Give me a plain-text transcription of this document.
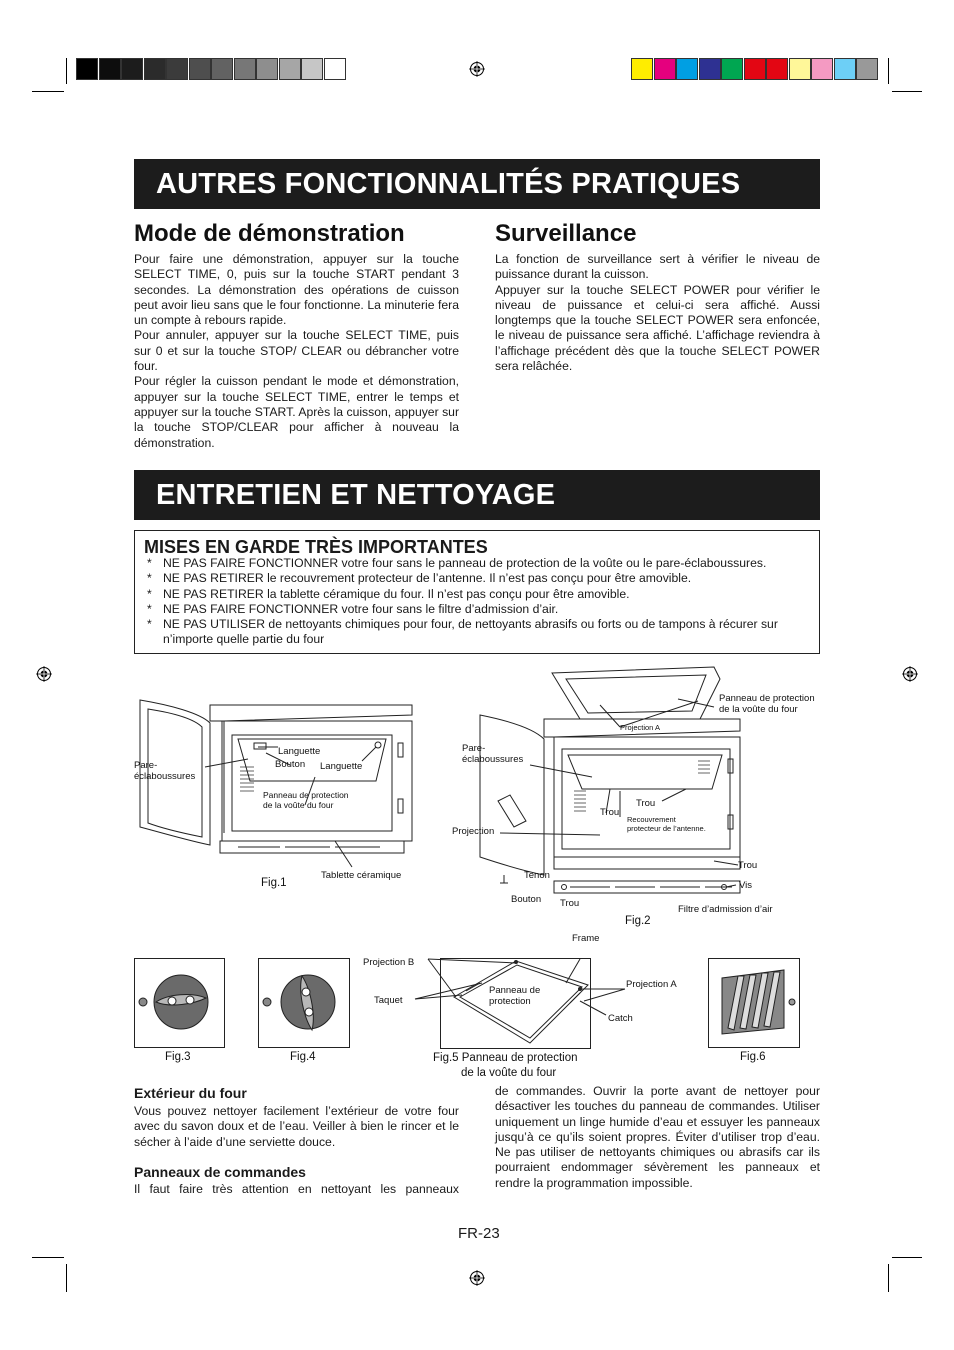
AUTRES FONCTIONNALITÉS PRATIQUES
Mode de démonstration

Pour faire une démonstration, appuyer sur la touche SELECT TIME, 0, puis sur la touche START pendant 3 secondes. La démonstration des opérations de cuisson peut avoir lieu sans que le four fonctionne. La minuterie fera un compte à rebours rapide.

Pour annuler, appuyer sur la touche SELECT TIME, puis sur 0 et sur la touche STOP/ CLEAR ou débrancher votre four.

Pour régler la cuisson pendant le mode et démonstration, appuyer sur la touche SELECT TIME, entrer le temps et appuyer sur la touche START. Après la cuisson, appuyer sur la touche STOP/CLEAR pour afficher à nouveau la démonstration.

Surveillance

La fonction de surveillance sert à vérifier le niveau de puissance durant la cuisson.

Appuyer sur la touche SELECT POWER pour vérifier le niveau de puissance et celui-ci sera affiché. Aussi longtemps que la touche SELECT POWER sera enfoncée, le niveau de puissance sera affiché. L’affichage reviendra à l’affichage précédent dès que la touche SELECT POWER sera relâchée.

ENTRETIEN ET NETTOYAGE
MISES EN GARDE TRÈS IMPORTANTES
* NE PAS FAIRE FONCTIONNER votre four sans le panneau de protection de la voûte ou le pare-éclaboussures.
* NE PAS RETIRER le recouvrement protecteur de l’antenne. Il n’est pas conçu pour être amovible.
* NE PAS RETIRER la tablette céramique du four. Il n’est pas conçu pour être amovible.
* NE PAS FAIRE FONCTIONNER votre four sans le filtre d’admission d’air.
* NE PAS UTILISER de nettoyants chimiques pour four, de nettoyants abrasifs ou forts ou de tampons à récurer sur n’importe quelle partie du four
Pare-
éclaboussures
Languette
Bouton Languette
Panneau de protection
de la voûte du four
Tablette céramique
Fig.1
Panneau de protection
de la voûte du four
Projection A
Pare-
éclaboussures
Trou
Trou
Recouvrement
protecteur de l’antenne.
Projection
Trou
Tenon
Vis
Bouton Trou
Filtre d’admission d’air
Fig.2
Fig.3	Fig.4
Frame
Projection B
Projection A
Taquet
Panneau de
protection
Catch
Fig.5 Panneau de protection
de la voûte du four
Fig.6
Extérieur du four

Vous pouvez nettoyer facilement l’extérieur de votre four avec du savon doux et de l’eau. Veiller à bien le rincer et le sécher à l’aide d’une serviette douce.

Panneaux de commandes

Il faut faire très attention en nettoyant les panneaux

de commandes. Ouvrir la porte avant de nettoyer pour désactiver les touches du panneau de commandes. Utiliser uniquement un linge humide d’eau et essuyer les panneaux jusqu’à ce qu’ils soient propres. Éviter d’utiliser trop d’eau. Ne pas utiliser de nettoyants chimiques ou abrasifs car ils pourraient endommager sévèrement les panneaux et rendre la programmation impossible.

FR-23
